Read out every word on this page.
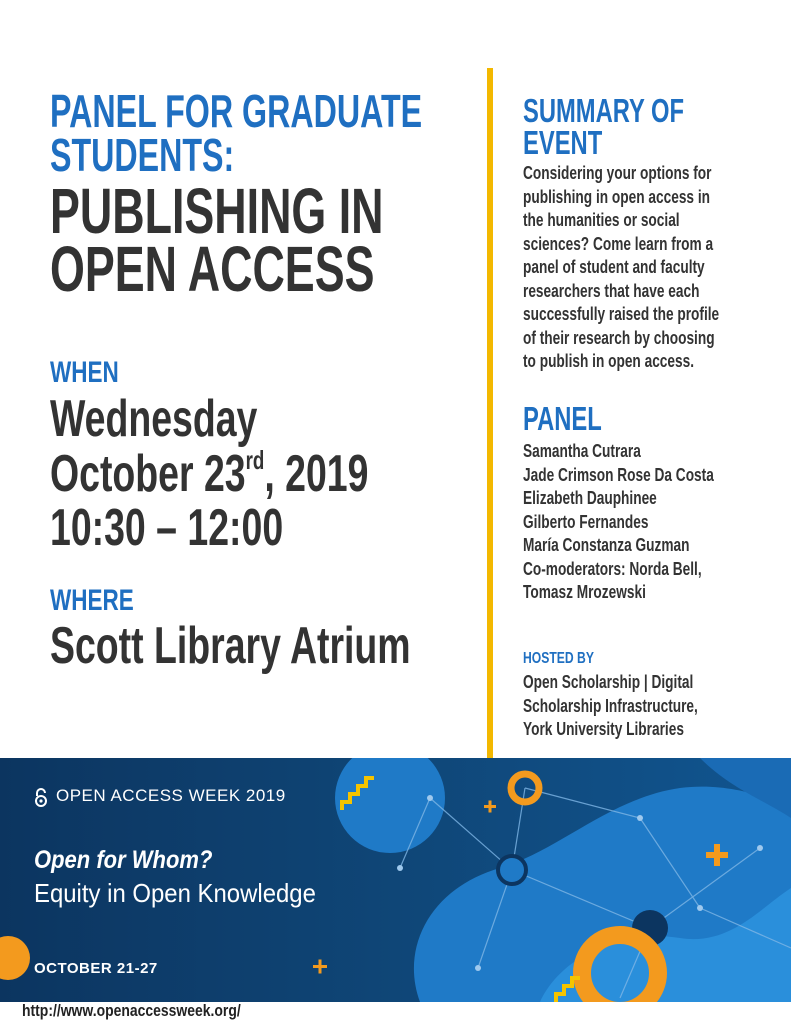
PANEL FOR GRADUATE
STUDENTS:
PUBLISHING IN
OPEN ACCESS
WHEN
Wednesday
October 23rd, 2019
10:30 – 12:00
WHERE
Scott Library Atrium
SUMMARY OF
EVENT
Considering your options for
publishing in open access in
the humanities or social
sciences? Come learn from a
panel of student and faculty
researchers that have each
successfully raised the profile
of their research by choosing
to publish in open access.
PANEL
Samantha Cutrara
Jade Crimson Rose Da Costa
Elizabeth Dauphinee
Gilberto Fernandes
María Constanza Guzman
Co-moderators: Norda Bell,
Tomasz Mrozewski
HOSTED BY
Open Scholarship | Digital
Scholarship Infrastructure,
York University Libraries
OPEN ACCESS WEEK 2019
Open for Whom?
Equity in Open Knowledge
OCTOBER 21-27
http://www.openaccessweek.org/
